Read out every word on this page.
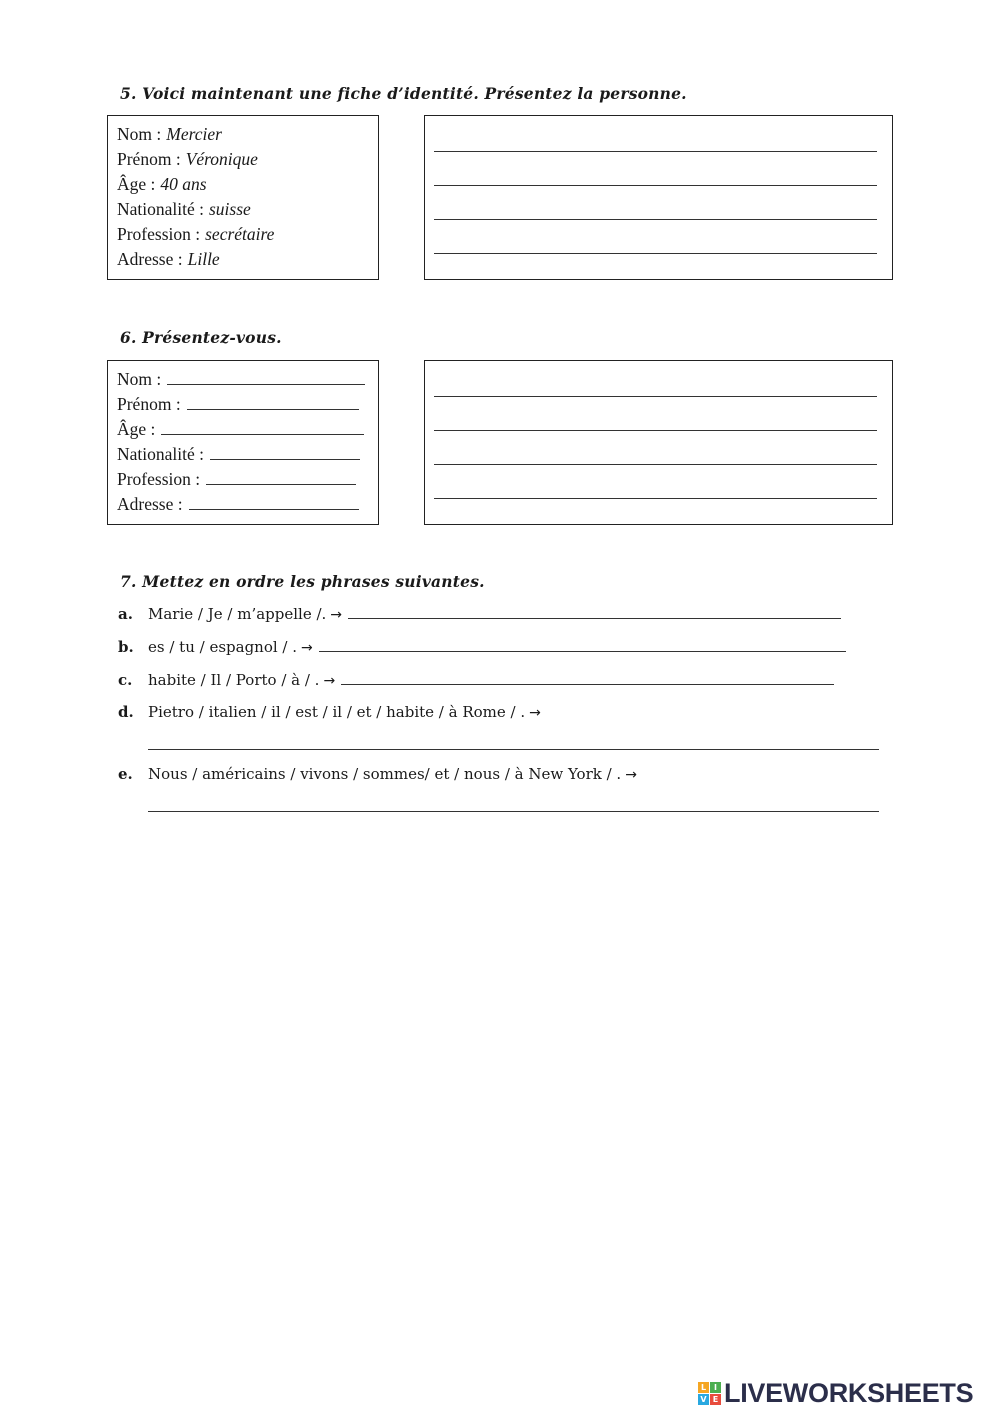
5. Voici maintenant une fiche d’identité. Présentez la personne.
Nom : Mercier
Prénom : Véronique
Âge : 40 ans
Nationalité : suisse
Profession : secrétaire
Adresse : Lille
6. Présentez-vous.
Nom :
Prénom :
Âge :
Nationalité :
Profession :
Adresse :
7. Mettez en ordre les phrases suivantes.
a.	Marie / Je / m’appelle /. →
b. es / tu / espagnol / . →
c.	habite / Il / Porto / à / . →
d. Pietro / italien / il / est / il / et / habite / à Rome / . →
e.	Nous / américains / vivons / sommes/ et / nous / à New York / . →
L I
V E LIVEWORKSHEETS
